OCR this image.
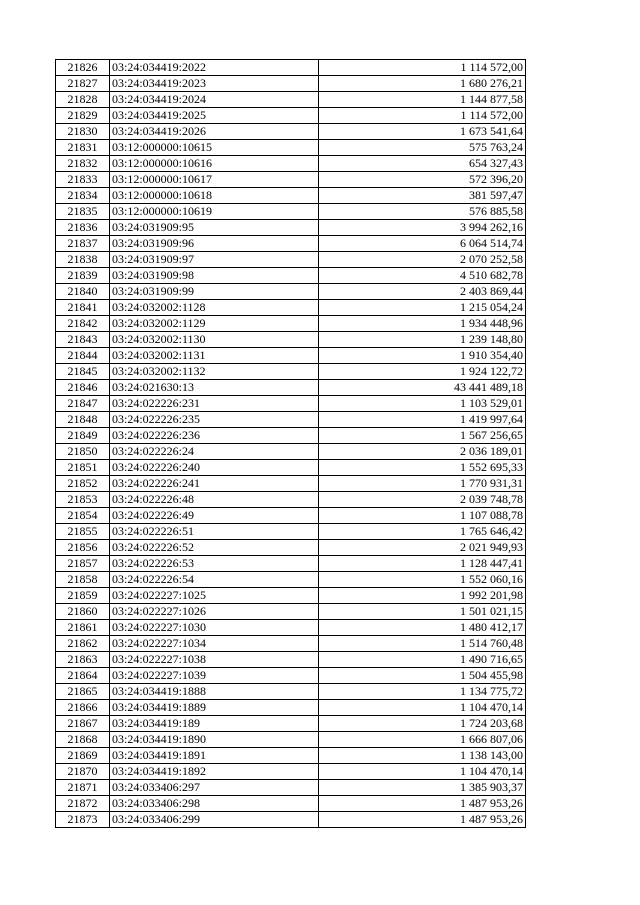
21826	03:24:034419:2022	1 114 572,00
21827	03:24:034419:2023	1 680 276,21
21828	03:24:034419:2024	1 144 877,58
21829	03:24:034419:2025	1 114 572,00
21830	03:24:034419:2026	1 673 541,64
21831	03:12:000000:10615	575 763,24
21832	03:12:000000:10616	654 327,43
21833	03:12:000000:10617	572 396,20
21834	03:12:000000:10618	381 597,47
21835	03:12:000000:10619	576 885,58
21836	03:24:031909:95	3 994 262,16
21837	03:24:031909:96	6 064 514,74
21838	03:24:031909:97	2 070 252,58
21839	03:24:031909:98	4 510 682,78
21840	03:24:031909:99	2 403 869,44
21841	03:24:032002:1128	1 215 054,24
21842	03:24:032002:1129	1 934 448,96
21843	03:24:032002:1130	1 239 148,80
21844	03:24:032002:1131	1 910 354,40
21845	03:24:032002:1132	1 924 122,72
21846	03:24:021630:13	43 441 489,18
21847	03:24:022226:231	1 103 529,01
21848	03:24:022226:235	1 419 997,64
21849	03:24:022226:236	1 567 256,65
21850	03:24:022226:24	2 036 189,01
21851	03:24:022226:240	1 552 695,33
21852	03:24:022226:241	1 770 931,31
21853	03:24:022226:48	2 039 748,78
21854	03:24:022226:49	1 107 088,78
21855	03:24:022226:51	1 765 646,42
21856	03:24:022226:52	2 021 949,93
21857	03:24:022226:53	1 128 447,41
21858	03:24:022226:54	1 552 060,16
21859	03:24:022227:1025	1 992 201,98
21860	03:24:022227:1026	1 501 021,15
21861	03:24:022227:1030	1 480 412,17
21862	03:24:022227:1034	1 514 760,48
21863	03:24:022227:1038	1 490 716,65
21864	03:24:022227:1039	1 504 455,98
21865	03:24:034419:1888	1 134 775,72
21866	03:24:034419:1889	1 104 470,14
21867	03:24:034419:189	1 724 203,68
21868	03:24:034419:1890	1 666 807,06
21869	03:24:034419:1891	1 138 143,00
21870	03:24:034419:1892	1 104 470,14
21871	03:24:033406:297	1 385 903,37
21872	03:24:033406:298	1 487 953,26
21873	03:24:033406:299	1 487 953,26
